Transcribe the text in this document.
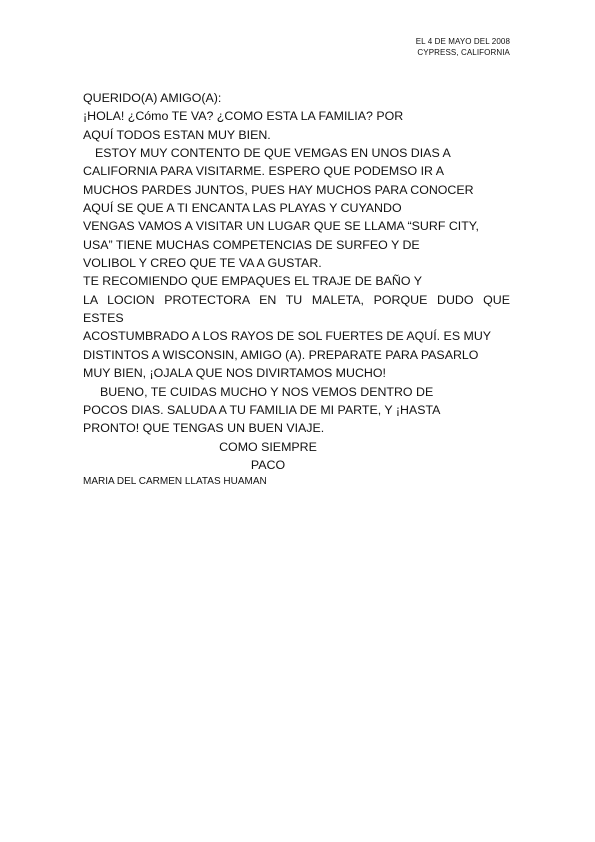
EL 4 DE MAYO DEL 2008
CYPRESS, CALIFORNIA
QUERIDO(A) AMIGO(A):
¡HOLA! ¿Cómo TE VA? ¿COMO ESTA LA FAMILIA? POR
AQUÍ TODOS ESTAN MUY BIEN.
ESTOY MUY CONTENTO DE QUE VEMGAS EN UNOS DIAS A
CALIFORNIA PARA VISITARME. ESPERO QUE PODEMSO IR A
MUCHOS PARDES JUNTOS, PUES HAY MUCHOS PARA CONOCER
AQUÍ SE QUE A TI ENCANTA LAS PLAYAS Y CUYANDO
VENGAS VAMOS A VISITAR UN LUGAR QUE SE LLAMA “SURF CITY,
USA” TIENE MUCHAS COMPETENCIAS DE SURFEO Y DE
VOLIBOL Y CREO QUE TE VA A GUSTAR.
TE RECOMIENDO QUE EMPAQUES EL TRAJE DE BAÑO Y
LA LOCION PROTECTORA EN TU MALETA, PORQUE DUDO QUE
ESTES
ACOSTUMBRADO A LOS RAYOS DE SOL FUERTES DE AQUÍ. ES MUY
DISTINTOS A WISCONSIN, AMIGO (A). PREPARATE PARA PASARLO
MUY BIEN, ¡OJALA QUE NOS DIVIRTAMOS MUCHO!
BUENO, TE CUIDAS MUCHO Y NOS VEMOS DENTRO DE
POCOS DIAS. SALUDA A TU FAMILIA DE MI PARTE, Y ¡HASTA
PRONTO! QUE TENGAS UN BUEN VIAJE.
COMO SIEMPRE
PACO
MARIA DEL CARMEN LLATAS HUAMAN
